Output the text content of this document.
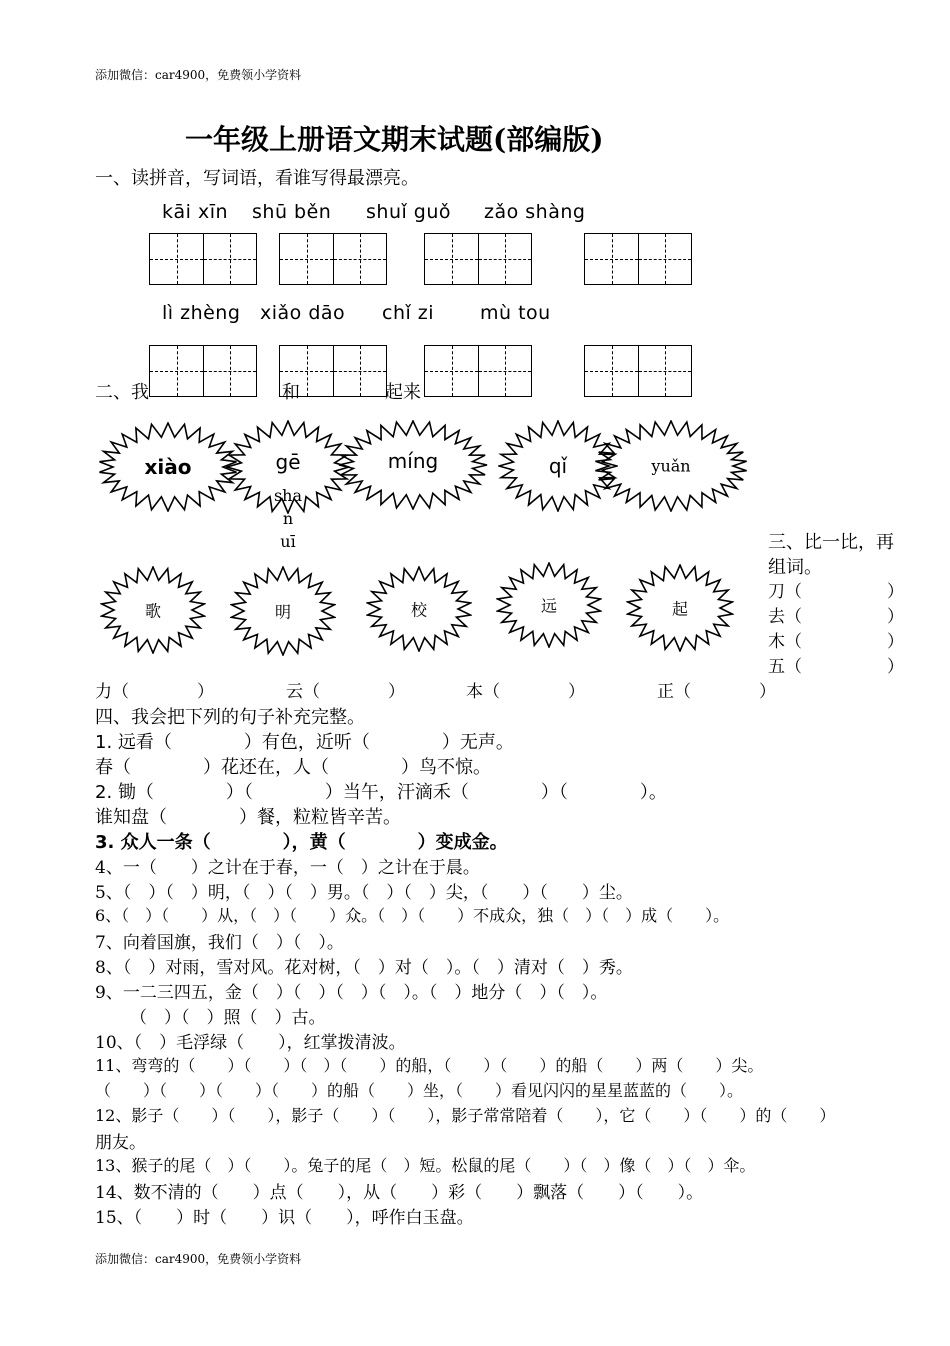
添加微信：car4900，免费领小学资料
一年级上册语文期末试题(部编版)
一、读拼音，写词语，看谁写得最漂亮。
kāi xīn shū běn shuǐ guǒ zǎo shàng
lì zhèng xiǎo dāo chǐ zi mù tou
二、我	和	起来
xiào	gē	míng	qǐ	yuǎn
sha
n
uī
歌	明	校	远	起
三、比一比，再
组词。
刀（　　　　　）
去（　　　　　）
木（　　　　　）
五（　　　　　）
力（　　　　）	云（　　　　）	本（　　　　）	正（　　　　）
四、我会把下列的句子补充完整。
1. 远看（　　　　）有色，近听（　　　　）无声。
春（　　　　）花还在，人（　　　　）鸟不惊。
2. 锄（　　　　）（　　　　）当午，汗滴禾（　　　　）（　　　　）。
谁知盘（　　　　）餐，粒粒皆辛苦。
3. 众人一条（　　　　），黄（　　　　）变成金。
4、一（　　）之计在于春，一（　）之计在于晨。
5、（　）（　）明，（　）（　）男。（　）（　）尖，（　　）（　　）尘。
6、（　）（　　）从，（　）（　　）众。（　）（　　）不成众，独（　）（　）成（　　）。
7、向着国旗，我们（　）（　）。
8、（　）对雨，雪对风。花对树，（　）对（　）。（　）清对（　）秀。
9、一二三四五，金（　）（　）（　）（　）。（　）地分（　）（　）。
（　）（　）照（　）古。
10、（　）毛浮绿（　　），红掌拨清波。
11、弯弯的（　　）（　　）（　）（　　）的船，（　　）（　　）的船（　　）两（　　）尖。
（　　）（　　）（　　）（　　）的船（　　）坐，（　　）看见闪闪的星星蓝蓝的（　　）。
12、影子（　　）（　　），影子（　　）（　　），影子常常陪着（　　），它（　　）（　　）的（　　）
朋友。
13、猴子的尾（　）（　　）。兔子的尾（　）短。松鼠的尾（　　）（　）像（　）（　）伞。
14、数不清的（　　）点（　　），从（　　）彩（　　）飘落（　　）（　　）。
15、（　　）时（　　）识（　　），呼作白玉盘。
添加微信：car4900，免费领小学资料
